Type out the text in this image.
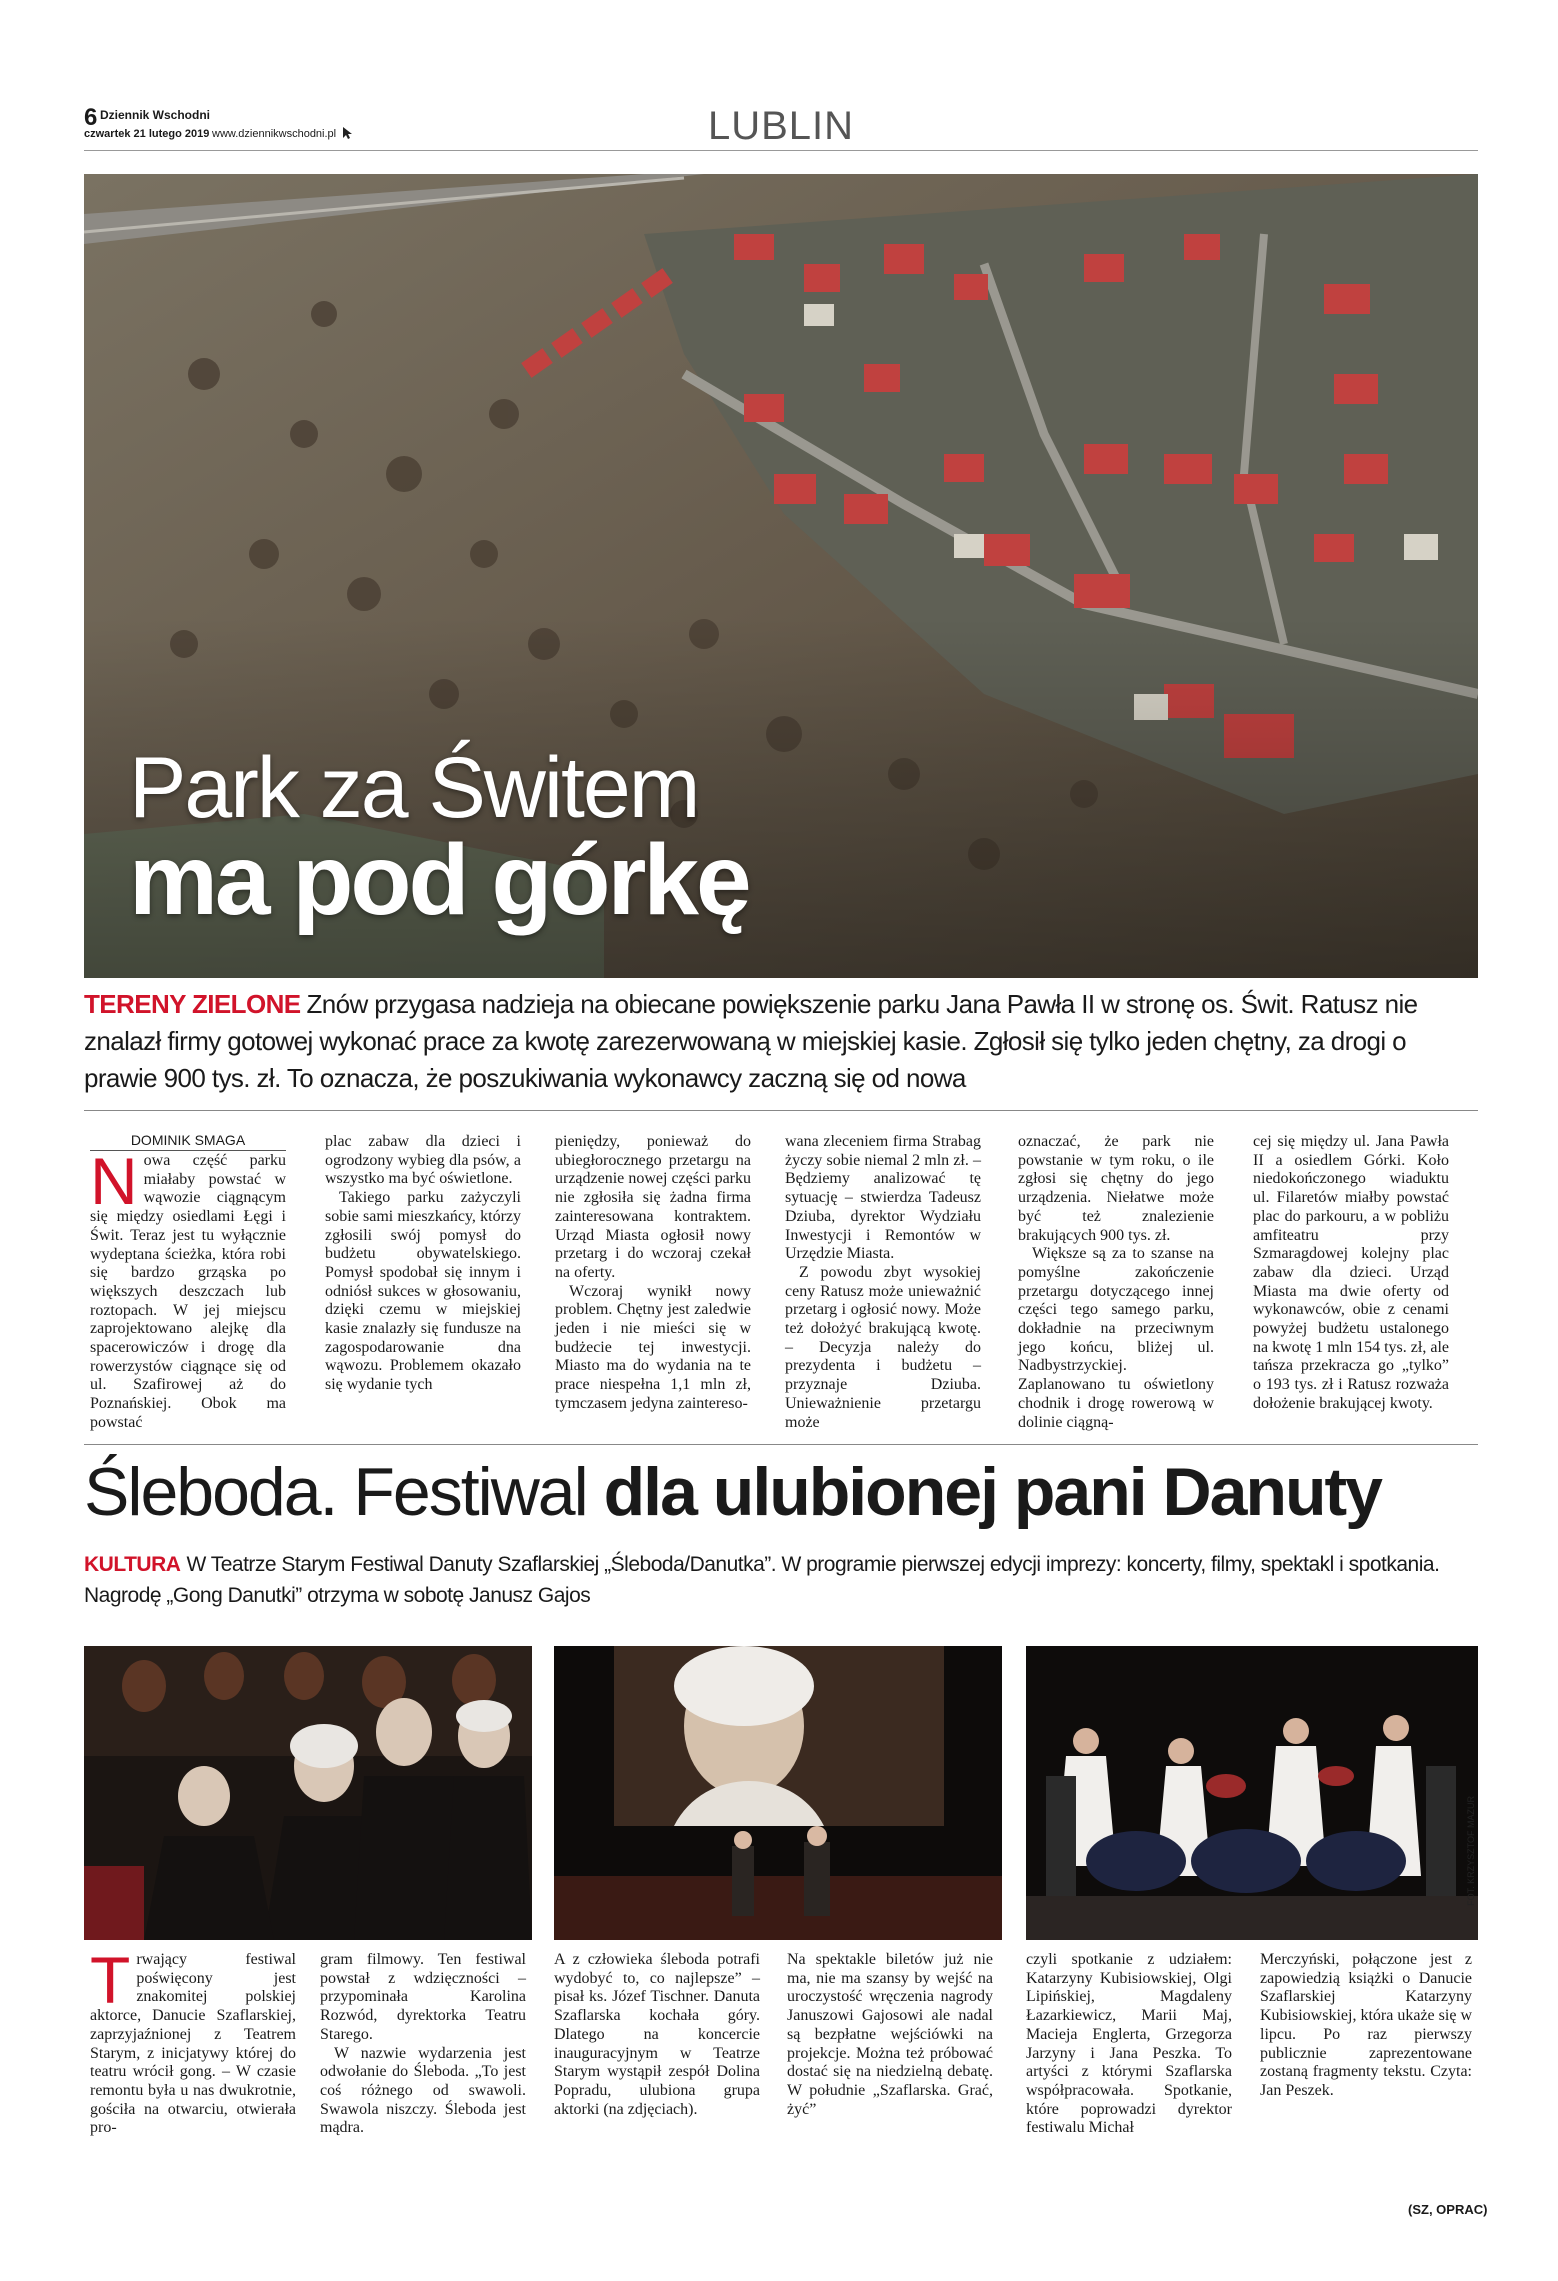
6 Dziennik Wschodni
czwartek 21 lutego 2019 www.dziennikwschodni.pl	LUBLIN
Park za Świtem
ma pod górkę
TERENY ZIELONE Znów przygasa nadzieja na obiecane powiększenie parku Jana Pawła II w stronę os. Świt. Ratusz nie znalazł firmy gotowej wykonać prace za kwotę zarezerwowaną w miejskiej kasie. Zgłosił się tylko jeden chętny, za drogi o prawie 900 tys. zł. To oznacza, że poszukiwania wykonawcy zaczną się od nowa
DOMINIK SMAGA

Nowa część parku miałaby powstać w wąwozie ciągnącym się między osiedlami Łęgi i Świt. Teraz jest tu wyłącznie wydeptana ścieżka, która robi się bardzo grząska po większych deszczach lub roztopach. W jej miejscu zaprojektowano alejkę dla spacerowiczów i drogę dla rowerzystów ciągnące się od ul. Szafirowej aż do Poznańskiej. Obok ma powstać

plac zabaw dla dzieci i ogrodzony wybieg dla psów, a wszystko ma być oświetlone.

Takiego parku zażyczyli sobie sami mieszkańcy, którzy zgłosili swój pomysł do budżetu obywatelskiego. Pomysł spodobał się innym i odniósł sukces w głosowaniu, dzięki czemu w miejskiej kasie znalazły się fundusze na zagospodarowanie dna wąwozu. Problemem okazało się wydanie tych

pieniędzy, ponieważ do ubiegłorocznego przetargu na urządzenie nowej części parku nie zgłosiła się żadna firma zainteresowana kontraktem. Urząd Miasta ogłosił nowy przetarg i do wczoraj czekał na oferty.

Wczoraj wynikł nowy problem. Chętny jest zaledwie jeden i nie mieści się w budżecie tej inwestycji. Miasto ma do wydania na te prace niespełna 1,1 mln zł, tymczasem jedyna zaintereso-

wana zleceniem firma Strabag życzy sobie niemal 2 mln zł. – Będziemy analizować tę sytuację – stwierdza Tadeusz Dziuba, dyrektor Wydziału Inwestycji i Remontów w Urzędzie Miasta.

Z powodu zbyt wysokiej ceny Ratusz może unieważnić przetarg i ogłosić nowy. Może też dołożyć brakującą kwotę. – Decyzja należy do prezydenta i budżetu – przyznaje Dziuba. Unieważnienie przetargu może

oznaczać, że park nie powstanie w tym roku, o ile zgłosi się chętny do jego urządzenia. Niełatwe może być też znalezienie brakujących 900 tys. zł.

Większe są za to szanse na pomyślne zakończenie przetargu dotyczącego innej części tego samego parku, dokładnie na przeciwnym jego końcu, bliżej ul. Nadbystrzyckiej. Zaplanowano tu oświetlony chodnik i drogę rowerową w dolinie ciągną-

cej się między ul. Jana Pawła II a osiedlem Górki. Koło niedokończonego wiaduktu ul. Filaretów miałby powstać plac do parkouru, a w pobliżu amfiteatru przy Szmaragdowej kolejny plac zabaw dla dzieci. Urząd Miasta ma dwie oferty od wykonawców, obie z cenami powyżej budżetu ustalonego na kwotę 1 mln 154 tys. zł, ale tańsza przekracza go „tylko” o 193 tys. zł i Ratusz rozważa dołożenie brakującej kwoty.

Śleboda. Festiwal dla ulubionej pani Danuty
KULTURA W Teatrze Starym Festiwal Danuty Szaflarskiej „Śleboda/Danutka”. W programie pierwszej edycji imprezy: koncerty, filmy, spektakl i spotkania. Nagrodę „Gong Danutki” otrzyma w sobotę Janusz Gajos
FOT. KRZYSZTOF MAZUR

Trwający festiwal poświęcony jest znakomitej polskiej aktorce, Danucie Szaflarskiej, zaprzyjaźnionej z Teatrem Starym, z inicjatywy której do teatru wrócił gong. – W czasie remontu była u nas dwukrotnie, gościła na otwarciu, otwierała pro-

gram filmowy. Ten festiwal powstał z wdzięczności – przypominała Karolina Rozwód, dyrektorka Teatru Starego.

W nazwie wydarzenia jest odwołanie do Śleboda. „To jest coś różnego od swawoli. Swawola niszczy. Śleboda jest mądra.

A z człowieka śleboda potrafi wydobyć to, co najlepsze” – pisał ks. Józef Tischner. Danuta Szaflarska kochała góry. Dlatego na koncercie inauguracyjnym w Teatrze Starym wystąpił zespół Dolina Popradu, ulubiona grupa aktorki (na zdjęciach).

Na spektakle biletów już nie ma, nie ma szansy by wejść na uroczystość wręczenia nagrody Januszowi Gajosowi ale nadal są bezpłatne wejściówki na projekcje. Można też próbować dostać się na niedzielną debatę. W południe „Szaflarska. Grać, żyć”

czyli spotkanie z udziałem: Katarzyny Kubisiowskiej, Olgi Lipińskiej, Magdaleny Łazarkiewicz, Marii Maj, Macieja Englerta, Grzegorza Jarzyny i Jana Peszka. To artyści z którymi Szaflarska współpracowała. Spotkanie, które poprowadzi dyrektor festiwalu Michał

Merczyński, połączone jest z zapowiedzią książki o Danucie Szaflarskiej Katarzyny Kubisiowskiej, która ukaże się w lipcu. Po raz pierwszy publicznie zaprezentowane zostaną fragmenty tekstu. Czyta: Jan Peszek.

(SZ, OPRAC)
